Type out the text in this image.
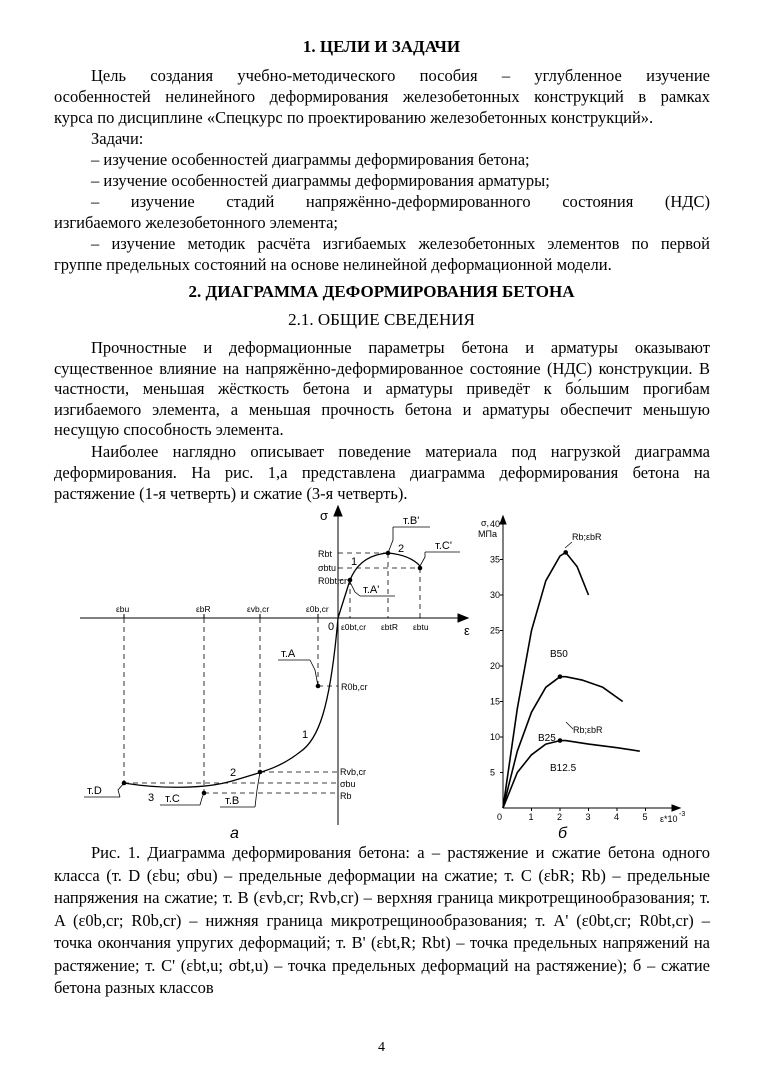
1. ЦЕЛИ И ЗАДАЧИ
Цель создания учебно-методического пособия – углубленное изучение
особенностей нелинейного деформирования железобетонных конструкций в рамках
курса по дисциплине «Спецкурс по проектированию железобетонных конструкций».
Задачи:
– изучение особенностей диаграммы деформирования бетона;
– изучение особенностей диаграммы деформирования арматуры;
– изучение стадий напряжённо-деформированного состояния (НДС)
изгибаемого железобетонного элемента;
– изучение методик расчёта изгибаемых железобетонных элементов по первой
группе предельных состояний на основе нелинейной деформационной модели.
2. ДИАГРАММА ДЕФОРМИРОВАНИЯ БЕТОНА
2.1. ОБЩИЕ СВЕДЕНИЯ
Прочностные и деформационные параметры бетона и арматуры оказывают существенное влияние на напряжённо-деформированное состояние (НДС) конструкции. В частности, меньшая жёсткость бетона и арматуры приведёт к бо́льшим прогибам изгибаемого элемента, а меньшая прочность бетона и арматуры обеспечит меньшую несущую способность элемента.
Наиболее наглядно описывает поведение материала под нагрузкой диаграмма
деформирования. На рис. 1,а представлена диаграмма деформирования бетона на
растяжение (1-я четверть) и сжатие (3-я четверть).
σ
ε
0
εbu	εbR	εvb,cr	ε0b,cr
ε0bt,cr εbtR εbtu
Rbt
σbtu
R0bt,cr
R0b,cr
Rvb,cr
σbu
Rb
т.В'
т.С'
т.A'
т.A
т.D
т.C	т.B
1
2
1
2
3
а
40
35
30
25
20
15
10
5
0	1	2	3	4	5
σ,
МПа
ε*10 -3
Rb;εbR
В50
Rb;εbR
В25
В12.5
б
Рис. 1. Диаграмма деформирования бетона: а – растяжение и сжатие бетона одного класса (т. D (εbu; σbu) – предельные деформации на сжатие; т. C (εbR; Rb) – предельные напряжения на сжатие; т. В (εvb,cr; Rvb,cr) – верхняя граница микротрещинообразования; т. A (ε0b,cr; R0b,cr) – нижняя граница микротрещинообразования; т. A' (ε0bt,cr; R0bt,cr) – точка окончания упругих деформаций; т. B' (εbt,R; Rbt) – точка предельных напряжений на растяжение; т. C' (εbt,u; σbt,u) – точка предельных деформаций на растяжение); б – сжатие бетона разных классов
4
